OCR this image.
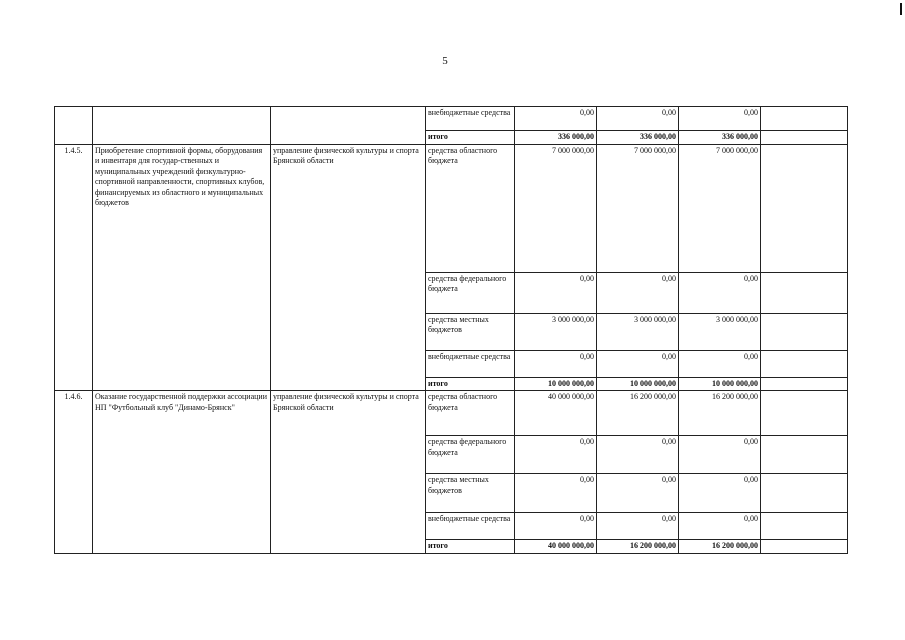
5
			внебюджетные средства	0,00	0,00	0,00	
			итого	336 000,00	336 000,00	336 000,00	
1.4.5.	Приобретение спортивной формы, оборудования и инвентаря для государ-ственных и муниципальных учреждений физкультурно-спортивной направленности, спортивных клубов, финансируемых из областного и муниципальных бюджетов	управление физической культуры и спорта Брянской области	средства областного бюджета	7 000 000,00	7 000 000,00	7 000 000,00	
			средства федерального бюджета	0,00	0,00	0,00	
			средства местных бюджетов	3 000 000,00	3 000 000,00	3 000 000,00	
			внебюджетные средства	0,00	0,00	0,00	
			итого	10 000 000,00	10 000 000,00	10 000 000,00	
1.4.6.	Оказание государственной поддержки ассоциации НП "Футбольный клуб "Динамо-Брянск"	управление физической культуры и спорта Брянской области	средства областного бюджета	40 000 000,00	16 200 000,00	16 200 000,00	
			средства федерального бюджета	0,00	0,00	0,00	
			средства местных бюджетов	0,00	0,00	0,00	
			внебюджетные средства	0,00	0,00	0,00	
			итого	40 000 000,00	16 200 000,00	16 200 000,00	
